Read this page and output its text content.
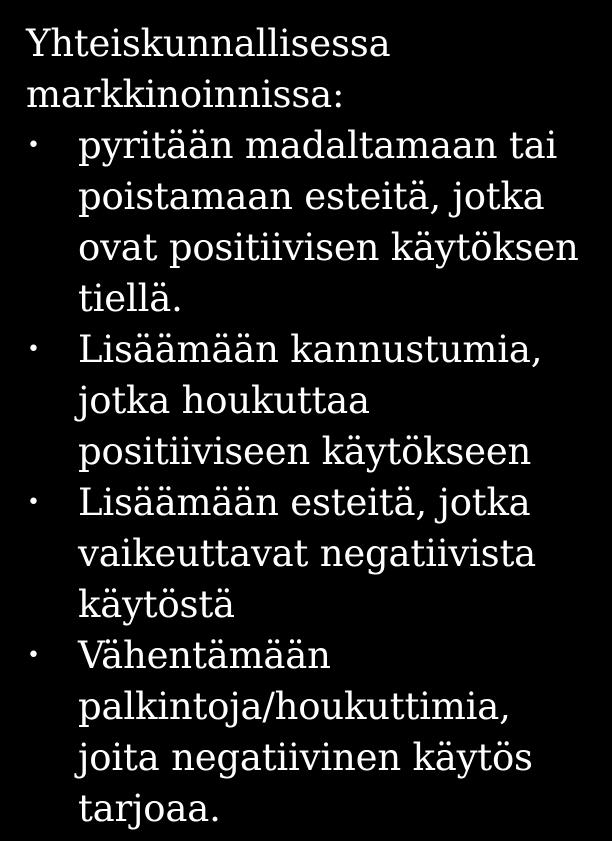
Yhteiskunnallisessa markkinoinnissa:

• pyritään madaltamaan tai poistamaan esteitä, jotka ovat positiivisen käytöksen tiellä.
• Lisäämään kannustumia, jotka houkuttaa positiiviseen käytökseen
• Lisäämään esteitä, jotka vaikeuttavat negatiivista käytöstä
• Vähentämään palkintoja/houkuttimia, joita negatiivinen käytös tarjoaa.
